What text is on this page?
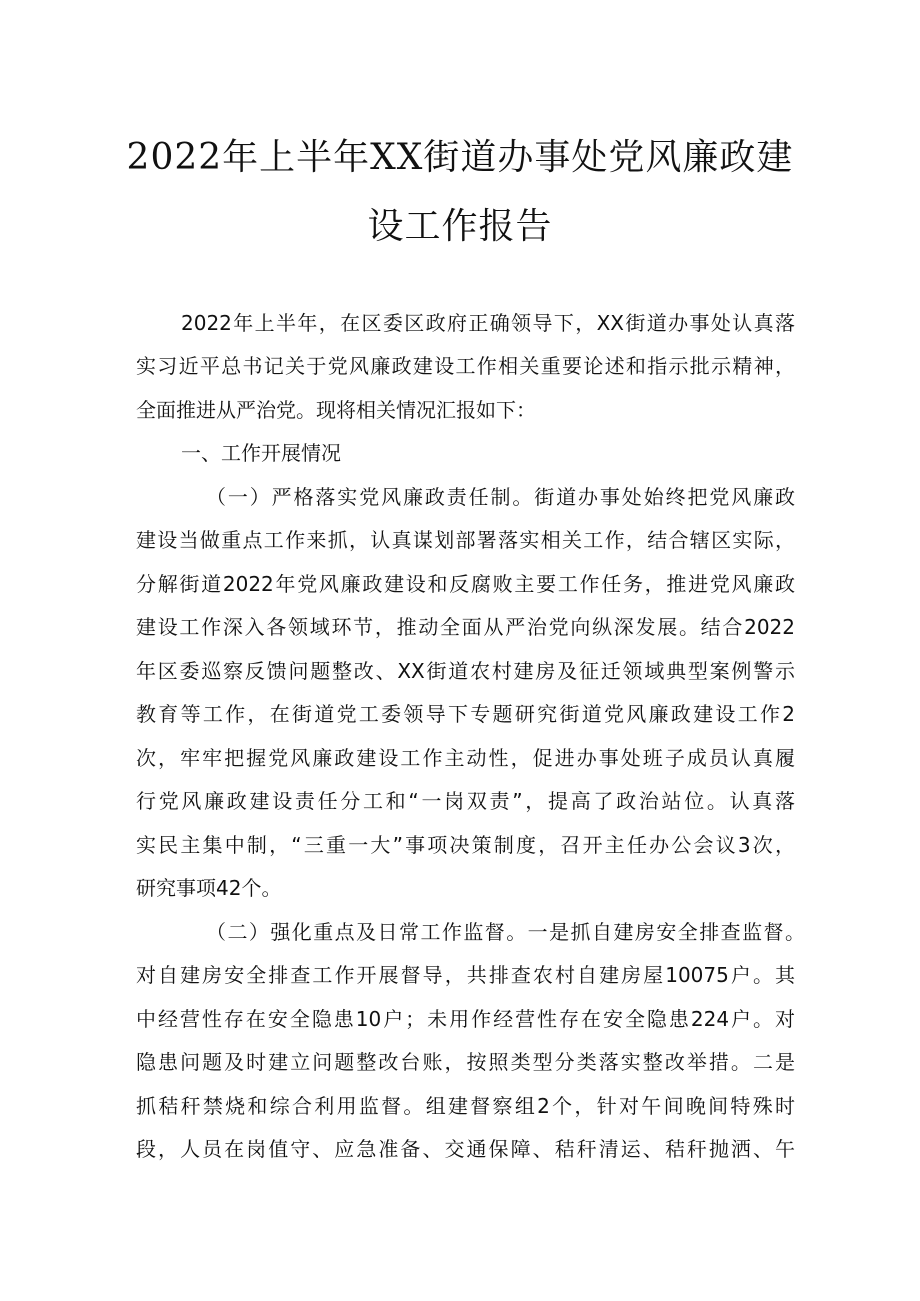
2022年上半年XX街道办事处党风廉政建
设工作报告

2022年上半年，在区委区政府正确领导下，XX街道办事处认真落

实习近平总书记关于党风廉政建设工作相关重要论述和指示批示精神，

全面推进从严治党。现将相关情况汇报如下：

一、工作开展情况

（一）严格落实党风廉政责任制。街道办事处始终把党风廉政

建设当做重点工作来抓，认真谋划部署落实相关工作，结合辖区实际，

分解街道2022年党风廉政建设和反腐败主要工作任务，推进党风廉政

建设工作深入各领域环节，推动全面从严治党向纵深发展。结合2022

年区委巡察反馈问题整改、XX街道农村建房及征迁领域典型案例警示

教育等工作，在街道党工委领导下专题研究街道党风廉政建设工作2

次，牢牢把握党风廉政建设工作主动性，促进办事处班子成员认真履

行党风廉政建设责任分工和“一岗双责”，提高了政治站位。认真落

实民主集中制，“三重一大”事项决策制度，召开主任办公会议3次，

研究事项42个。

（二）强化重点及日常工作监督。一是抓自建房安全排查监督。

对自建房安全排查工作开展督导，共排查农村自建房屋10075户。其

中经营性存在安全隐患10户；未用作经营性存在安全隐患224户。对

隐患问题及时建立问题整改台账，按照类型分类落实整改举措。二是

抓秸秆禁烧和综合利用监督。组建督察组2个，针对午间晚间特殊时

段，人员在岗值守、应急准备、交通保障、秸秆清运、秸秆抛洒、午
